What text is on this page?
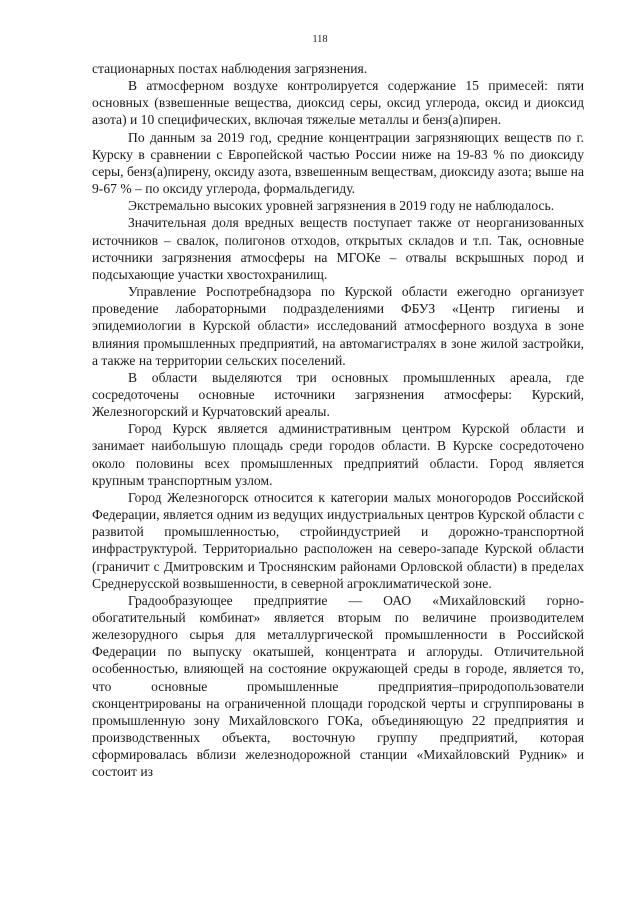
118

стационарных постах наблюдения загрязнения.

В атмосферном воздухе контролируется содержание 15 примесей: пяти основных (взвешенные вещества, диоксид серы, оксид углерода, оксид и диоксид азота) и 10 специфических, включая тяжелые металлы и бенз(а)пирен.

По данным за 2019 год, средние концентрации загрязняющих веществ по г. Курску в сравнении с Европейской частью России ниже на 19-83 % по диоксиду серы, бенз(а)пирену, оксиду азота, взвешенным веществам, диоксиду азота; выше на 9-67 % – по оксиду углерода, формальдегиду.

Экстремально высоких уровней загрязнения в 2019 году не наблюдалось.

Значительная доля вредных веществ поступает также от неорганизованных источников – свалок, полигонов отходов, открытых складов и т.п. Так, основные источники загрязнения атмосферы на МГОКе – отвалы вскрышных пород и подсыхающие участки хвостохранилищ.

Управление Роспотребнадзора по Курской области ежегодно организует проведение лабораторными подразделениями ФБУЗ «Центр гигиены и эпидемиологии в Курской области» исследований атмосферного воздуха в зоне влияния промышленных предприятий, на автомагистралях в зоне жилой застройки, а также на территории сельских поселений.

В области выделяются три основных промышленных ареала, где сосредоточены основные источники загрязнения атмосферы: Курский, Железногорский и Курчатовский ареалы.

Город Курск является административным центром Курской области и занимает наибольшую площадь среди городов области. В Курске сосредоточено около половины всех промышленных предприятий области. Город является крупным транспортным узлом.

Город Железногорск относится к категории малых моногородов Российской Федерации, является одним из ведущих индустриальных центров Курской области с развитой промышленностью, стройиндустрией и дорожно-транспортной инфраструктурой. Территориально расположен на северо-западе Курской области (граничит с Дмитровским и Троснянским районами Орловской области) в пределах Среднерусской возвышенности, в северной агроклиматической зоне.

Градообразующее предприятие — ОАО «Михайловский горно-обогатительный комбинат» является вторым по величине производителем железорудного сырья для металлургической промышленности в Российской Федерации по выпуску окатышей, концентрата и аглоруды. Отличительной особенностью, влияющей на состояние окружающей среды в городе, является то, что основные промышленные предприятия–природопользователи сконцентрированы на ограниченной площади городской черты и сгруппированы в промышленную зону Михайловского ГОКа, объединяющую 22 предприятия и производственных объекта, восточную группу предприятий, которая сформировалась вблизи железнодорожной станции «Михайловский Рудник» и состоит из
